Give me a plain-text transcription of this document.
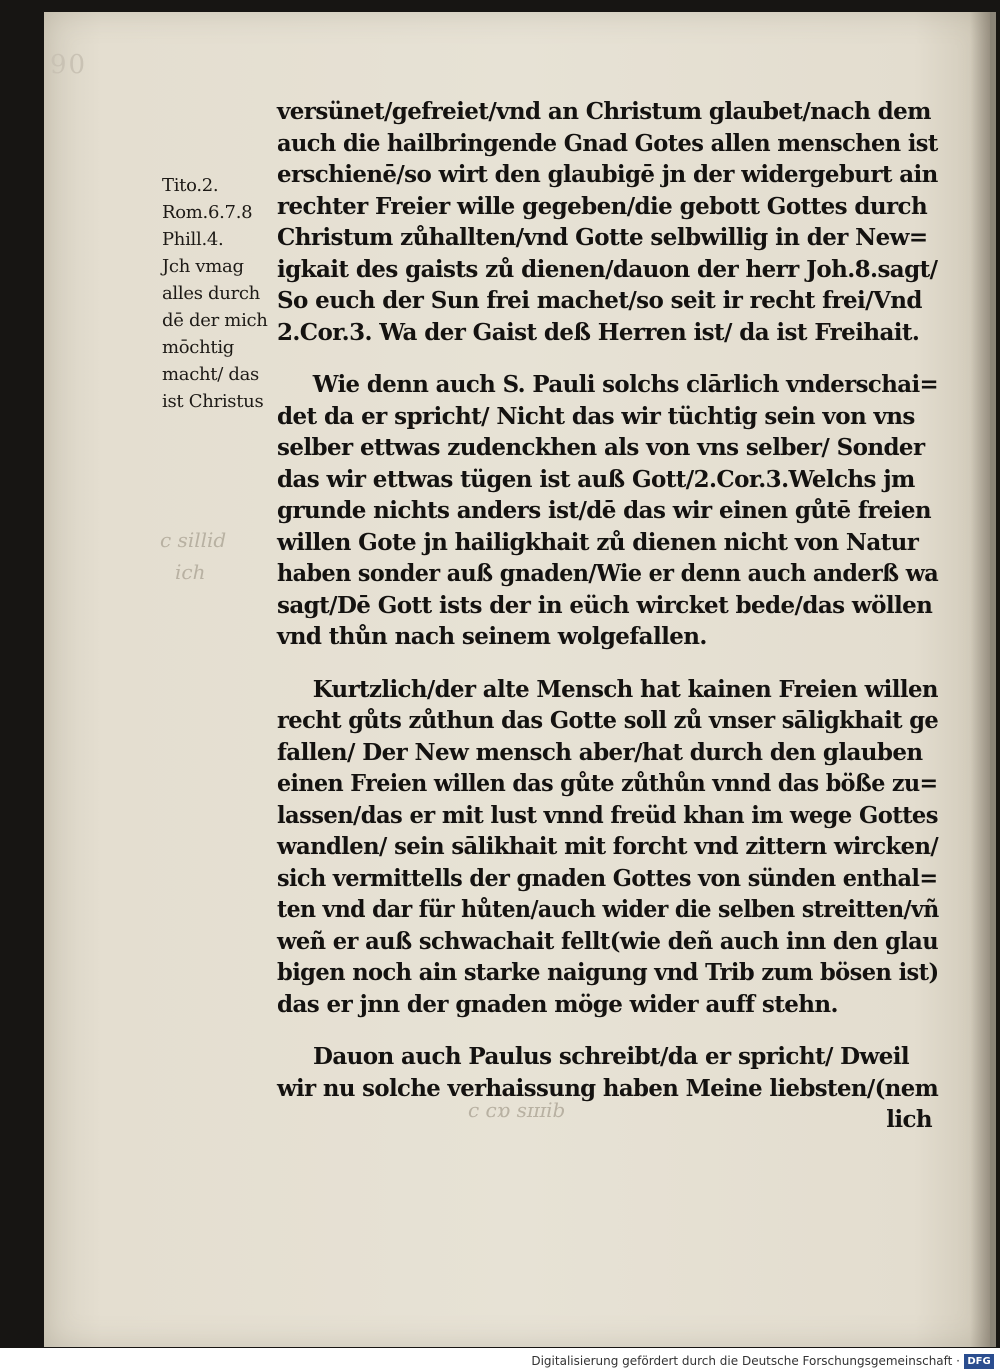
90
c sillid
ich
c ᴄɒ sɪɪɪib
Tito.2.
Rom.6.7.8
Phill.4.
Jch vmag
alles durch
dē der mich
mōchtig
macht/ das
ist Christus
versünet/gefreiet/vnd an Christum glaubet/nach dem
auch die hailbringende Gnad Gotes allen menschen ist
erschienē/so wirt den glaubigē jn der widergeburt ain
rechter Freier wille gegeben/die gebott Gottes durch
Christum zůhallten/vnd Gotte selbwillig in der New=
igkait des gaists zů dienen/dauon der herr Joh.8.sagt/
So euch der Sun frei machet/so seit ir recht frei/Vnd
2.Cor.3. Wa der Gaist deß Herren ist/ da ist Freihait.
Wie denn auch S. Pauli solchs clārlich vnderschai=
det da er spricht/ Nicht das wir tüchtig sein von vns
selber ettwas zudenckhen als von vns selber/ Sonder
das wir ettwas tügen ist auß Gott/2.Cor.3.Welchs jm
grunde nichts anders ist/dē das wir einen gůtē freien
willen Gote jn hailigkhait zů dienen nicht von Natur
haben sonder auß gnaden/Wie er denn auch anderß wa
sagt/Dē Gott ists der in eüch wircket bede/das wöllen
vnd thůn nach seinem wolgefallen.
Kurtzlich/der alte Mensch hat kainen Freien willen
recht gůts zůthun das Gotte soll zů vnser sāligkhait ge
fallen/ Der New mensch aber/hat durch den glauben
einen Freien willen das gůte zůthůn vnnd das böße zu=
lassen/das er mit lust vnnd freüd khan im wege Gottes
wandlen/ sein sālikhait mit forcht vnd zittern wircken/
sich vermittells der gnaden Gottes von sünden enthal=
ten vnd dar für hůten/auch wider die selben streitten/vñ
weñ er auß schwachait fellt(wie deñ auch inn den glau
bigen noch ain starke naigung vnd Trib zum bösen ist)
das er jnn der gnaden möge wider auff stehn.
Dauon auch Paulus schreibt/da er spricht/ Dweil
wir nu solche verhaissung haben Meine liebsten/(nem
lich
Digitalisierung gefördert durch die Deutsche Forschungsgemeinschaft · DFG
